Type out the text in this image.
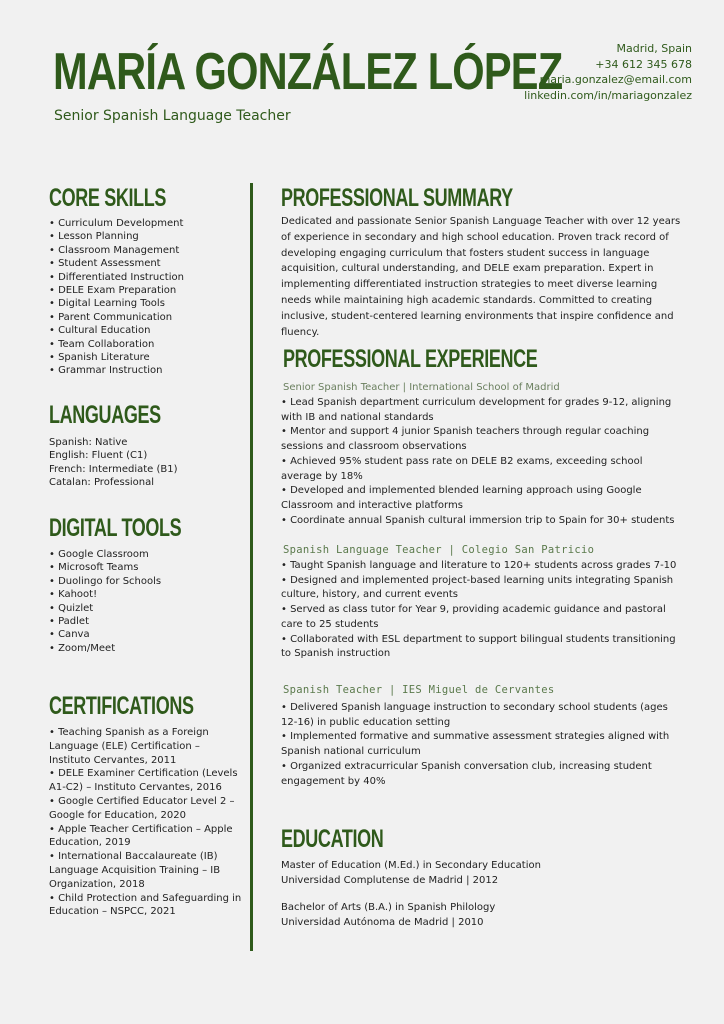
MARÍA GONZÁLEZ LÓPEZ
Senior Spanish Language Teacher
Madrid, Spain
+34 612 345 678
maria.gonzalez@email.com
linkedin.com/in/mariagonzalez
CORE SKILLS
• Curriculum Development
• Lesson Planning
• Classroom Management
• Student Assessment
• Differentiated Instruction
• DELE Exam Preparation
• Digital Learning Tools
• Parent Communication
• Cultural Education
• Team Collaboration
• Spanish Literature
• Grammar Instruction
LANGUAGES
Spanish: Native
English: Fluent (C1)
French: Intermediate (B1)
Catalan: Professional
DIGITAL TOOLS
• Google Classroom
• Microsoft Teams
• Duolingo for Schools
• Kahoot!
• Quizlet
• Padlet
• Canva
• Zoom/Meet
CERTIFICATIONS
• Teaching Spanish as a Foreign Language (ELE) Certification – Instituto Cervantes, 2011
• DELE Examiner Certification (Levels A1-C2) – Instituto Cervantes, 2016
• Google Certified Educator Level 2 – Google for Education, 2020
• Apple Teacher Certification – Apple Education, 2019
• International Baccalaureate (IB) Language Acquisition Training – IB Organization, 2018
• Child Protection and Safeguarding in Education – NSPCC, 2021
PROFESSIONAL SUMMARY

Dedicated and passionate Senior Spanish Language Teacher with over 12 years of experience in secondary and high school education. Proven track record of developing engaging curriculum that fosters student success in language acquisition, cultural understanding, and DELE exam preparation. Expert in implementing differentiated instruction strategies to meet diverse learning needs while maintaining high academic standards. Committed to creating inclusive, student-centered learning environments that inspire confidence and fluency.

PROFESSIONAL EXPERIENCE
Senior Spanish Teacher | International School of Madrid
• Lead Spanish department curriculum development for grades 9-12, aligning with IB and national standards
• Mentor and support 4 junior Spanish teachers through regular coaching sessions and classroom observations
• Achieved 95% student pass rate on DELE B2 exams, exceeding school average by 18%
• Developed and implemented blended learning approach using Google Classroom and interactive platforms
• Coordinate annual Spanish cultural immersion trip to Spain for 30+ students
Spanish Language Teacher | Colegio San Patricio
• Taught Spanish language and literature to 120+ students across grades 7-10
• Designed and implemented project-based learning units integrating Spanish culture, history, and current events
• Served as class tutor for Year 9, providing academic guidance and pastoral care to 25 students
• Collaborated with ESL department to support bilingual students transitioning to Spanish instruction
Spanish Teacher | IES Miguel de Cervantes
• Delivered Spanish language instruction to secondary school students (ages 12-16) in public education setting
• Implemented formative and summative assessment strategies aligned with Spanish national curriculum
• Organized extracurricular Spanish conversation club, increasing student engagement by 40%
EDUCATION
Master of Education (M.Ed.) in Secondary Education
Universidad Complutense de Madrid | 2012
Bachelor of Arts (B.A.) in Spanish Philology
Universidad Autónoma de Madrid | 2010
